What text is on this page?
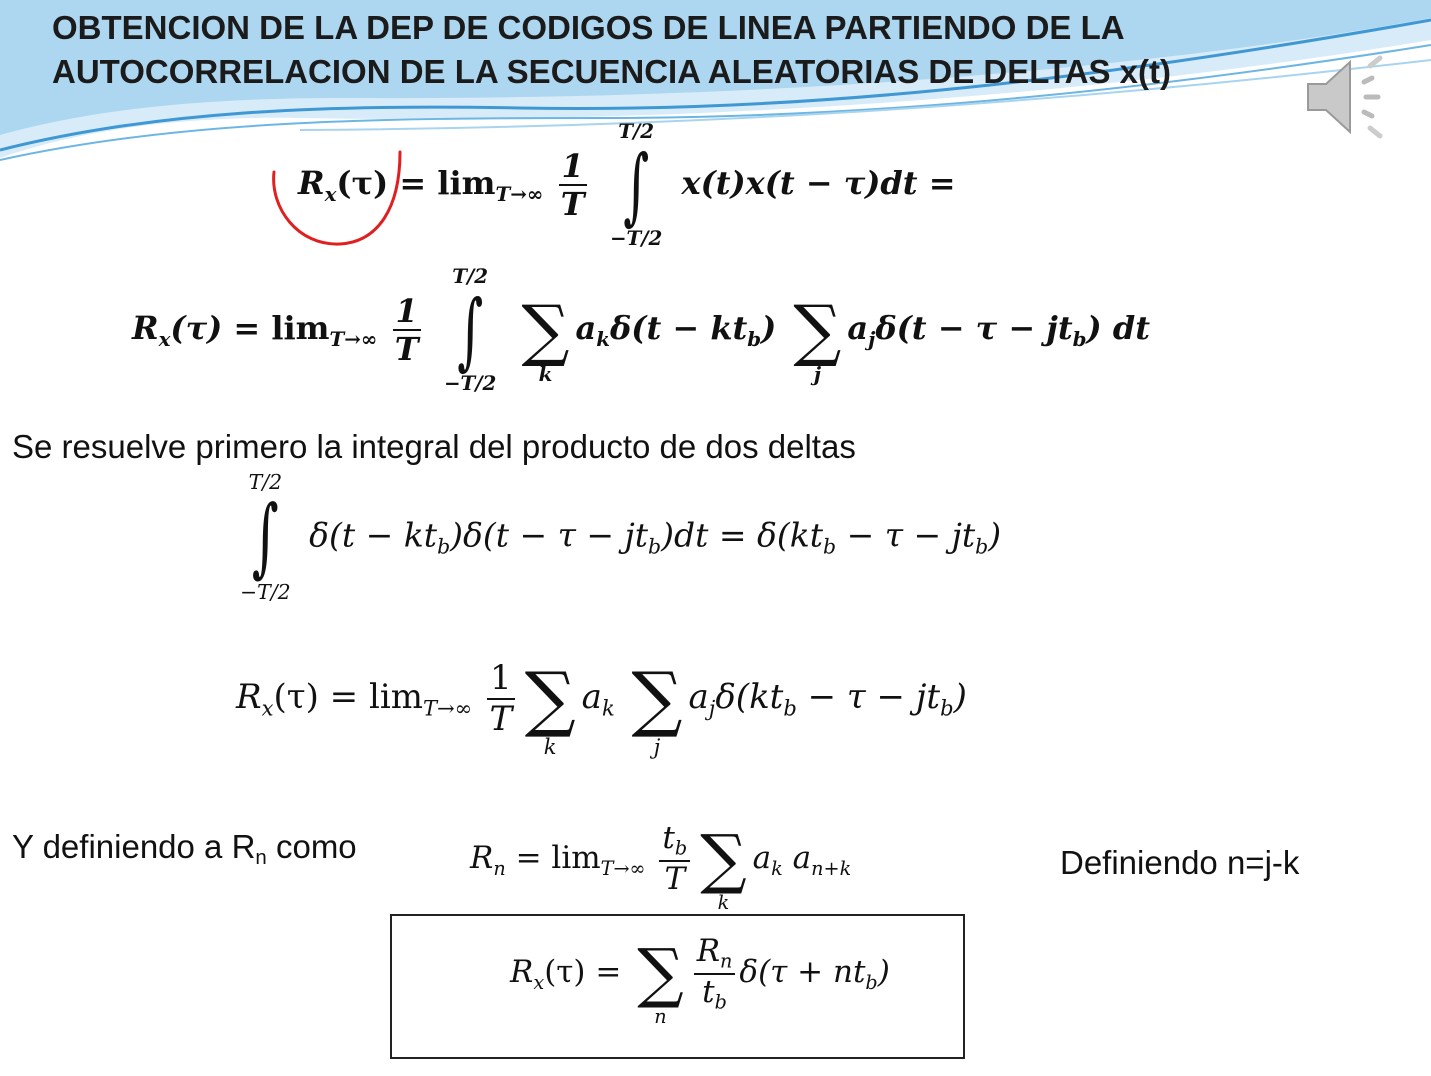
OBTENCION DE LA DEP DE CODIGOS DE LINEA PARTIENDO DE LA
AUTOCORRELACION DE LA SECUENCIA ALEATORIAS DE DELTAS x(t)
$R_x(\tau) = \lim_{T\to\infty} \frac{1}{T}$

T/2
∫
−T/2
x(t)x(t − τ)dt =
$R_x(\tau) = \lim_{T\to\infty} \frac{1}{T}$

T/2
∫
−T/2

∑
k
$a_k\delta(t - kt_b)$
∑
j
$a_j\delta(t - \tau - jt_b)$ dt
Se resuelve primero la integral del producto de dos deltas
T/2
∫
−T/2
$\delta(t - kt_b)\delta(t - \tau - jt_b)dt = \delta(kt_b - \tau - jt_b)$
$R_x(\tau) = \lim_{T\to\infty} \frac{1}{T}$
∑
k
$a_k$
∑
j
$a_j\delta(kt_b - \tau - jt_b)$
Y definiendo a $R_n$ como	$R_n = \lim_{T\to\infty} \frac{t_b}{T}$
∑
k
$a_k$ $a_{n+k}$	Definiendo n=j-k
$R_x(\tau)$ =
∑
n
$\frac{R_n}{t_b} \delta(\tau + nt_b)$
